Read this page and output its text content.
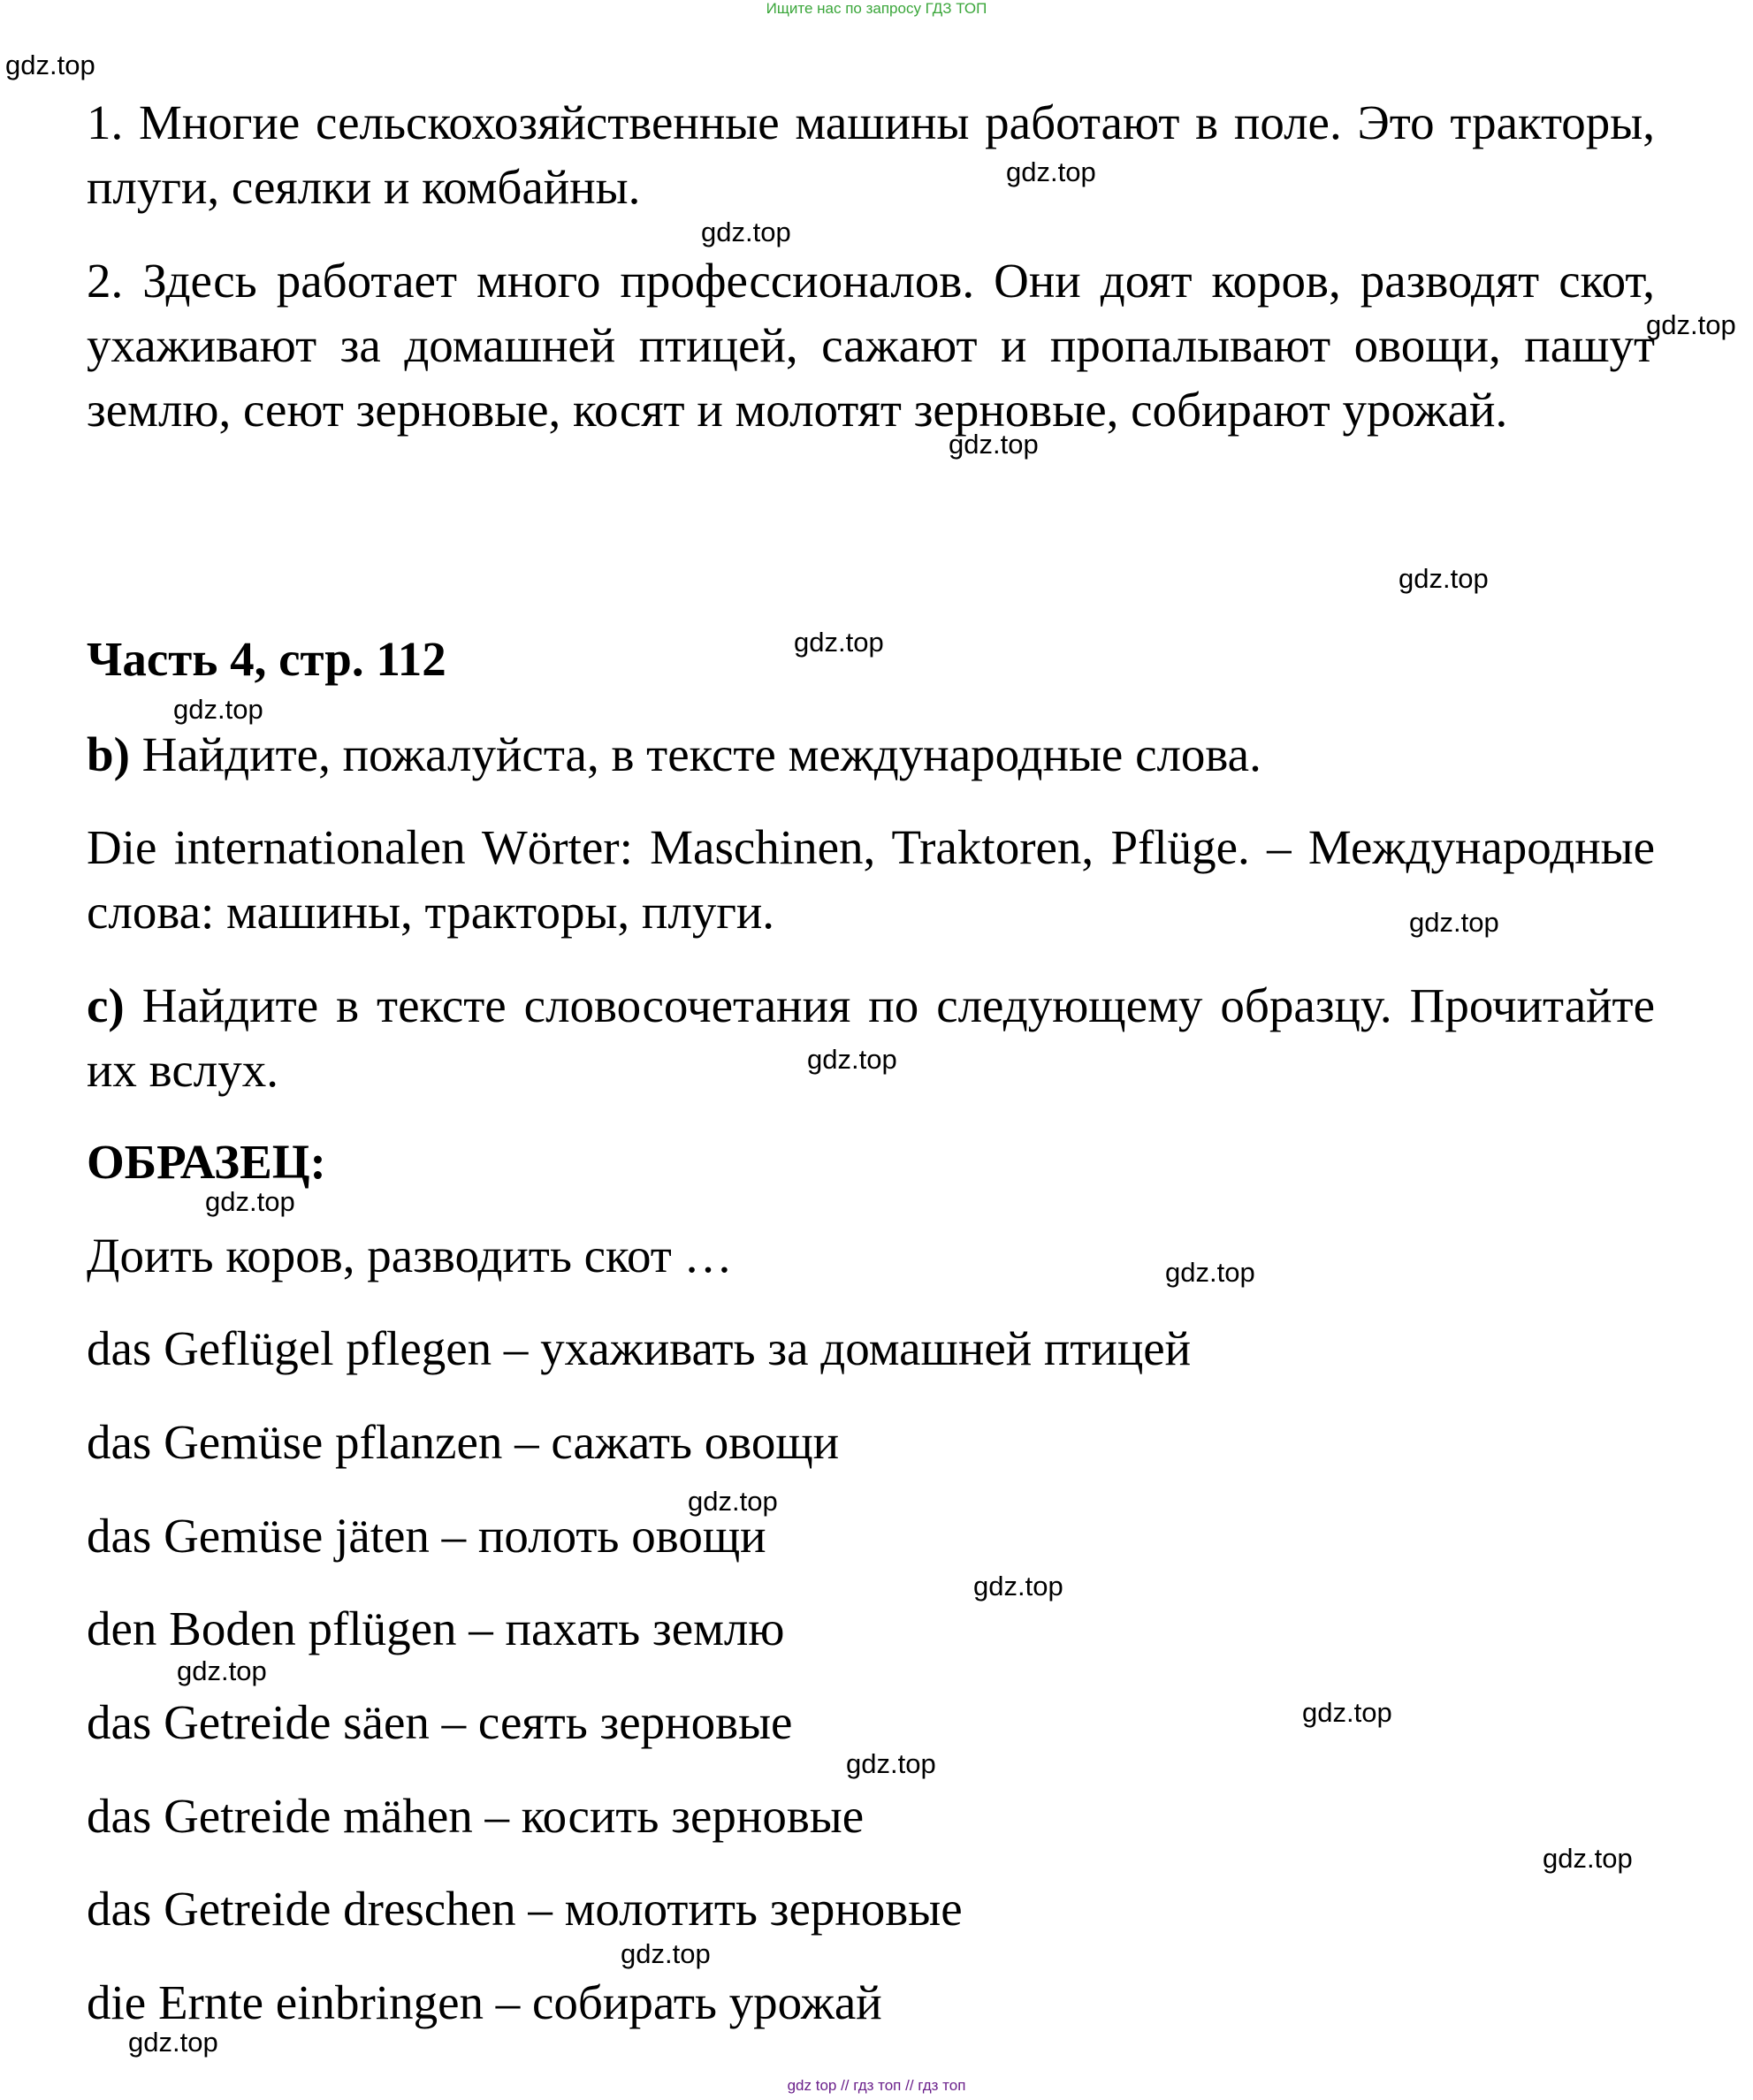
Ищите нас по запросу ГДЗ ТОП
1. Многие сельскохозяйственные машины работают в поле. Это тракторы, плуги, сеялки и комбайны.
2. Здесь работает много профессионалов. Они доят коров, разводят скот, ухаживают за домашней птицей, сажают и пропалывают овощи, пашут землю, сеют зерновые, косят и молотят зерновые, собирают урожай.
Часть 4, стр. 112
b) Найдите, пожалуйста, в тексте международные слова.
Die internationalen Wörter: Maschinen, Traktoren, Pflüge. – Международные слова: машины, тракторы, плуги.
c) Найдите в тексте словосочетания по следующему образцу. Прочитайте их вслух.
ОБРАЗЕЦ:
Доить коров, разводить скот …
das Geflügel pflegen – ухаживать за домашней птицей
das Gemüse pflanzen – сажать овощи
das Gemüse jäten – полоть овощи
den Boden pflügen – пахать землю
das Getreide säen – сеять зерновые
das Getreide mähen – косить зерновые
das Getreide dreschen – молотить зерновые
die Ernte einbringen – собирать урожай
gdz.top
gdz.top
gdz.top
gdz.top
gdz.top
gdz.top
gdz.top
gdz.top
gdz.top
gdz.top
gdz.top
gdz.top
gdz.top
gdz.top
gdz.top
gdz.top
gdz.top
gdz.top
gdz.top
gdz.top
gdz top // гдз топ // гдз топ
